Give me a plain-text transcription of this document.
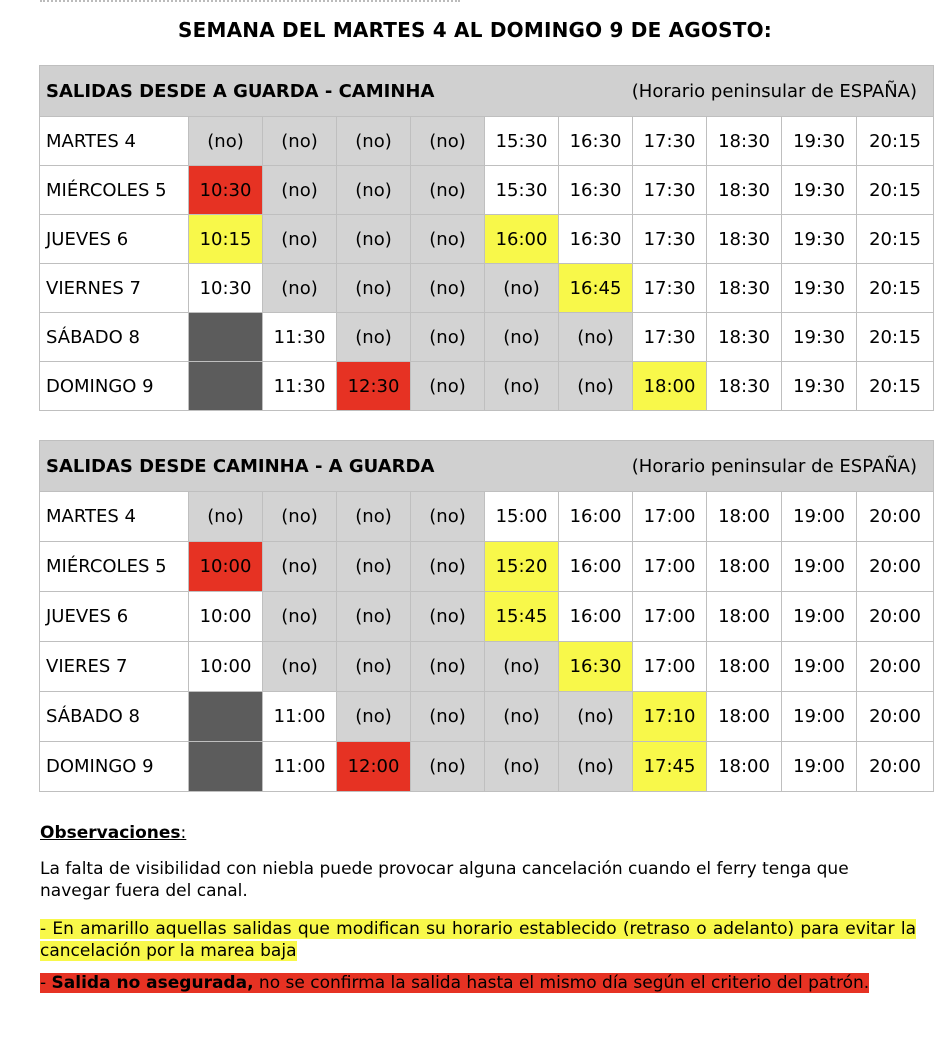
SEMANA DEL MARTES 4 AL DOMINGO 9 DE AGOSTO:
SALIDAS DESDE A GUARDA - CAMINHA (Horario peninsular de ESPAÑA)										

MARTES 4	(no)	(no)	(no)	(no)	15:30	16:30	17:30	18:30	19:30	20:15
MIÉRCOLES 5	10:30	(no)	(no)	(no)	15:30	16:30	17:30	18:30	19:30	20:15
JUEVES 6	10:15	(no)	(no)	(no)	16:00	16:30	17:30	18:30	19:30	20:15
VIERNES 7	10:30	(no)	(no)	(no)	(no)	16:45	17:30	18:30	19:30	20:15
SÁBADO 8		11:30	(no)	(no)	(no)	(no)	17:30	18:30	19:30	20:15
DOMINGO 9		11:30	12:30	(no)	(no)	(no)	18:00	18:30	19:30	20:15
SALIDAS DESDE CAMINHA - A GUARDA (Horario peninsular de ESPAÑA)										

MARTES 4	(no)	(no)	(no)	(no)	15:00	16:00	17:00	18:00	19:00	20:00
MIÉRCOLES 5	10:00	(no)	(no)	(no)	15:20	16:00	17:00	18:00	19:00	20:00
JUEVES 6	10:00	(no)	(no)	(no)	15:45	16:00	17:00	18:00	19:00	20:00
VIERES 7	10:00	(no)	(no)	(no)	(no)	16:30	17:00	18:00	19:00	20:00
SÁBADO 8		11:00	(no)	(no)	(no)	(no)	17:10	18:00	19:00	20:00
DOMINGO 9		11:00	12:00	(no)	(no)	(no)	17:45	18:00	19:00	20:00
Observaciones:
La falta de visibilidad con niebla puede provocar alguna cancelación cuando el ferry tenga que navegar fuera del canal.
- En amarillo aquellas salidas que modifican su horario establecido (retraso o adelanto) para evitar la cancelación por la marea baja
- Salida no asegurada, no se confirma la salida hasta el mismo día según el criterio del patrón.
